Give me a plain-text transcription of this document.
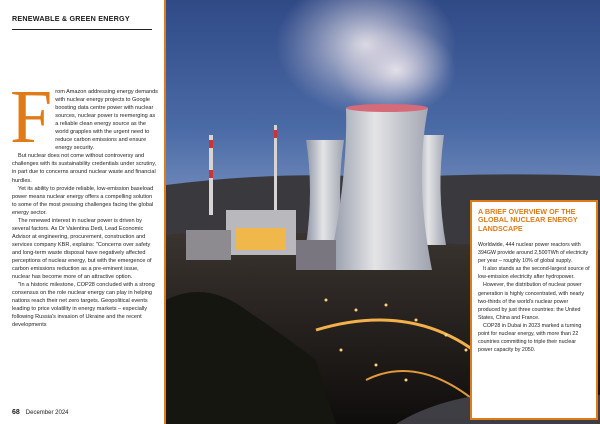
RENEWABLE & GREEN ENERGY
F rom Amazon addressing energy demands with nuclear energy projects to Google boosting data centre power with nuclear sources, nuclear power is reemerging as a reliable clean energy source as the world grapples with the urgent need to reduce carbon emissions and ensure energy security.

But nuclear does not come without controversy and challenges with its sustainability credentials under scrutiny, in part due to concerns around nuclear waste and financial hurdles.

Yet its ability to provide reliable, low-emission baseload power means nuclear energy offers a compelling solution to some of the most pressing challenges facing the global energy sector.

The renewed interest in nuclear power is driven by several factors. As Dr Valentina Dedi, Lead Economic Advisor at engineering, procurement, construction and services company KBR, explains: "Concerns over safety and long-term waste disposal have negatively affected perceptions of nuclear energy, but with the emergence of carbon emissions reduction as a pre-eminent issue, nuclear has become more of an attractive option.

"In a historic milestone, COP28 concluded with a strong consensus on the role nuclear energy can play in helping nations reach their net zero targets. Geopolitical events leading to price volatility in energy markets – especially following Russia's invasion of Ukraine and the recent developments

68 December 2024
A BRIEF OVERVIEW OF THE GLOBAL NUCLEAR ENERGY LANDSCAPE

Worldwide, 444 nuclear power reactors with 394GW provide around 2,500TWh of electricity per year – roughly 10% of global supply.

It also stands as the second-largest source of low-emission electricity after hydropower.

However, the distribution of nuclear power generation is highly concentrated, with nearly two-thirds of the world's nuclear power produced by just three countries: the United States, China and France.

COP28 in Dubai in 2023 marked a turning point for nuclear energy, with more than 22 countries committing to triple their nuclear power capacity by 2050.
